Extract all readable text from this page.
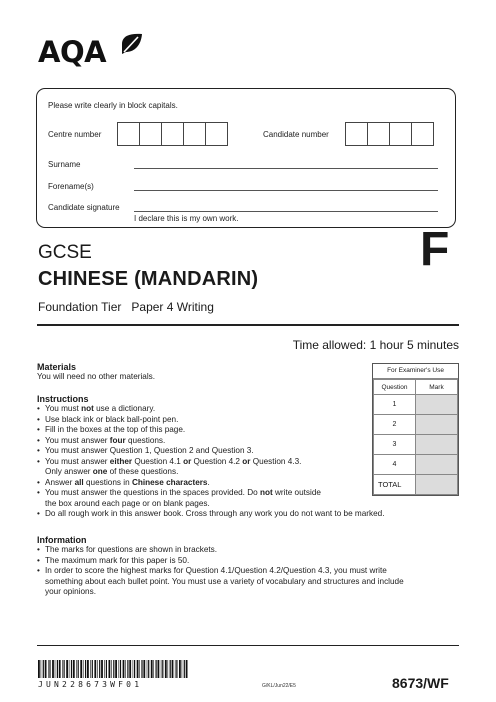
AQA
Please write clearly in block capitals.
Centre number	Candidate number
Surname
Forename(s)
Candidate signature
I declare this is my own work.
GCSE
CHINESE (MANDARIN)
Foundation Tier Paper 4 Writing
F
Time allowed: 1 hour 5 minutes
Materials
You will need no other materials.
Instructions
• You must not use a dictionary.
• Use black ink or black ball-point pen.
• Fill in the boxes at the top of this page.
• You must answer four questions.
• You must answer Question 1, Question 2 and Question 3.
• You must answer either Question 4.1 or Question 4.2 or Question 4.3.
Only answer one of these questions.
• Answer all questions in Chinese characters.
• You must answer the questions in the spaces provided. Do not write outside
the box around each page or on blank pages.
• Do all rough work in this answer book. Cross through any work you do not want to be marked.
Information
• The marks for questions are shown in brackets.
• The maximum mark for this paper is 50.
• In order to score the highest marks for Question 4.1/Question 4.2/Question 4.3, you must write
something about each bullet point. You must use a variety of vocabulary and structures and include
your opinions.
For Examiner's Use
Question	Mark
1	
2	
3	
4	
TOTAL	
JUN228673WF01	G/KL/Jun22/E5	8673/WF
